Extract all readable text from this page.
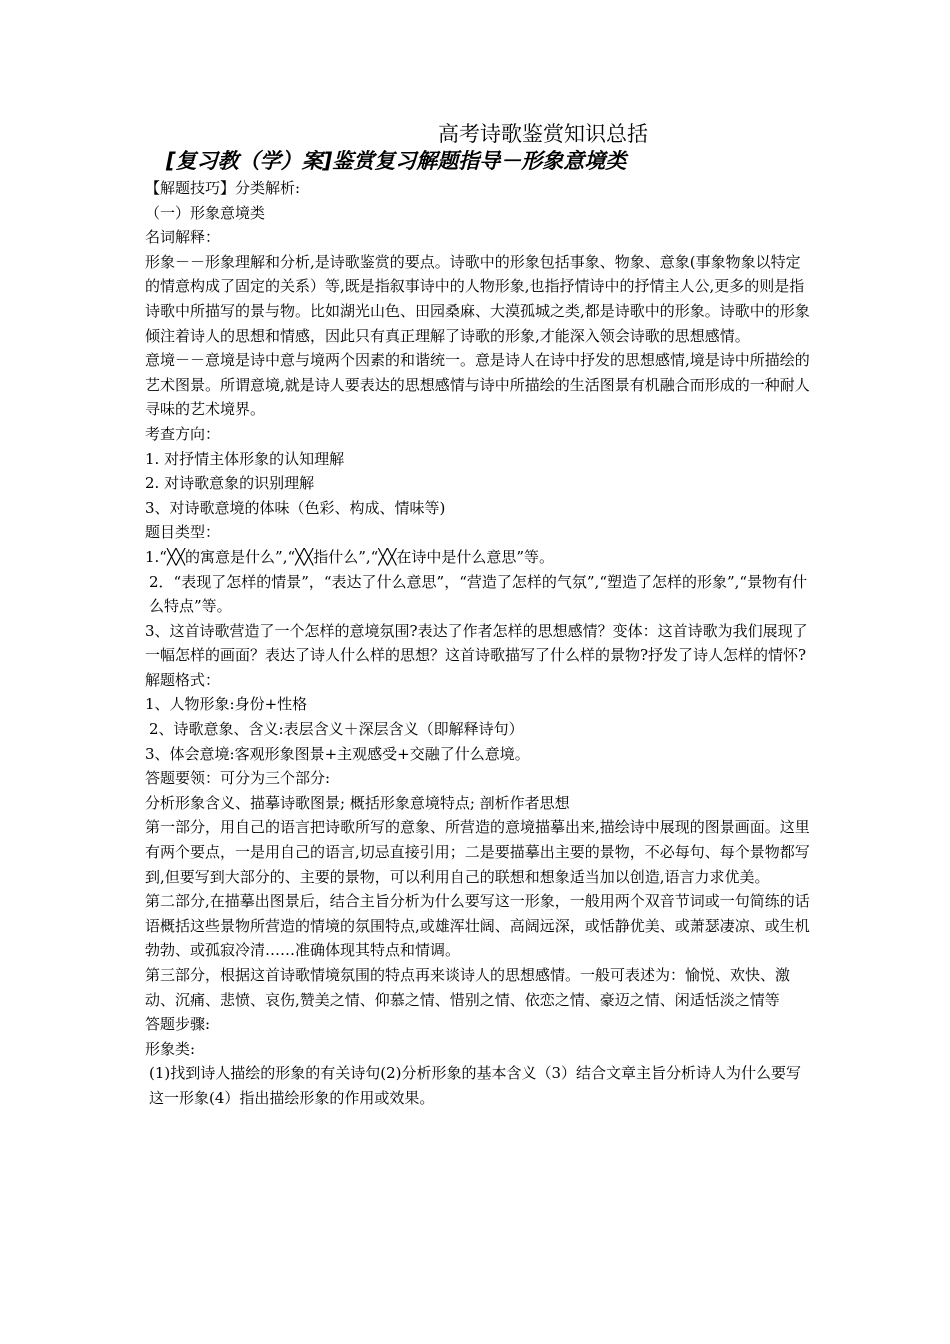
高考诗歌鉴赏知识总括
[复习教（学）案]鉴赏复习解题指导－形象意境类

【解题技巧】分类解析:

（一）形象意境类

名词解释：

形象－－形象理解和分析,是诗歌鉴赏的要点。诗歌中的形象包括事象、物象、意象(事象物象以特定的情意构成了固定的关系）等,既是指叙事诗中的人物形象,也指抒情诗中的抒情主人公,更多的则是指诗歌中所描写的景与物。比如湖光山色、田园桑麻、大漠孤城之类,都是诗歌中的形象。诗歌中的形象倾注着诗人的思想和情感，因此只有真正理解了诗歌的形象,才能深入领会诗歌的思想感情。

意境－－意境是诗中意与境两个因素的和谐统一。意是诗人在诗中抒发的思想感情,境是诗中所描绘的艺术图景。所谓意境,就是诗人要表达的思想感情与诗中所描绘的生活图景有机融合而形成的一种耐人寻味的艺术境界。

考查方向：

1. 对抒情主体形象的认知理解

2. 对诗歌意象的识别理解

3、对诗歌意境的体味（色彩、构成、情味等)

题目类型：

1.“╳╳的寓意是什么”,“╳╳指什么”,“╳╳在诗中是什么意思”等。

2．“表现了怎样的情景”，“表达了什么意思”，“营造了怎样的气氛”,“塑造了怎样的形象”,“景物有什么特点”等。

3、这首诗歌营造了一个怎样的意境氛围?表达了作者怎样的思想感情？变体：这首诗歌为我们展现了一幅怎样的画面？表达了诗人什么样的思想？这首诗歌描写了什么样的景物?抒发了诗人怎样的情怀?

解题格式：

1、人物形象:身份+性格

2、诗歌意象、含义:表层含义＋深层含义（即解释诗句）

3、体会意境:客观形象图景+主观感受+交融了什么意境。

答题要领：可分为三个部分:

分析形象含义、描摹诗歌图景; 概括形象意境特点; 剖析作者思想

第一部分，用自己的语言把诗歌所写的意象、所营造的意境描摹出来,描绘诗中展现的图景画面。这里有两个要点，一是用自己的语言,切忌直接引用；二是要描摹出主要的景物，不必每句、每个景物都写到,但要写到大部分的、主要的景物，可以利用自己的联想和想象适当加以创造,语言力求优美。

第二部分,在描摹出图景后，结合主旨分析为什么要写这一形象，一般用两个双音节词或一句简练的话语概括这些景物所营造的情境的氛围特点,或雄浑壮阔、高阔远深，或恬静优美、或萧瑟凄凉、或生机勃勃、或孤寂冷清……准确体现其特点和情调。

第三部分，根据这首诗歌情境氛围的特点再来谈诗人的思想感情。一般可表述为：愉悦、欢快、激动、沉痛、悲愤、哀伤,赞美之情、仰慕之情、惜别之情、依恋之情、豪迈之情、闲适恬淡之情等

答题步骤:

形象类:

(1)找到诗人描绘的形象的有关诗句(2)分析形象的基本含义（3）结合文章主旨分析诗人为什么要写这一形象(4）指出描绘形象的作用或效果。
